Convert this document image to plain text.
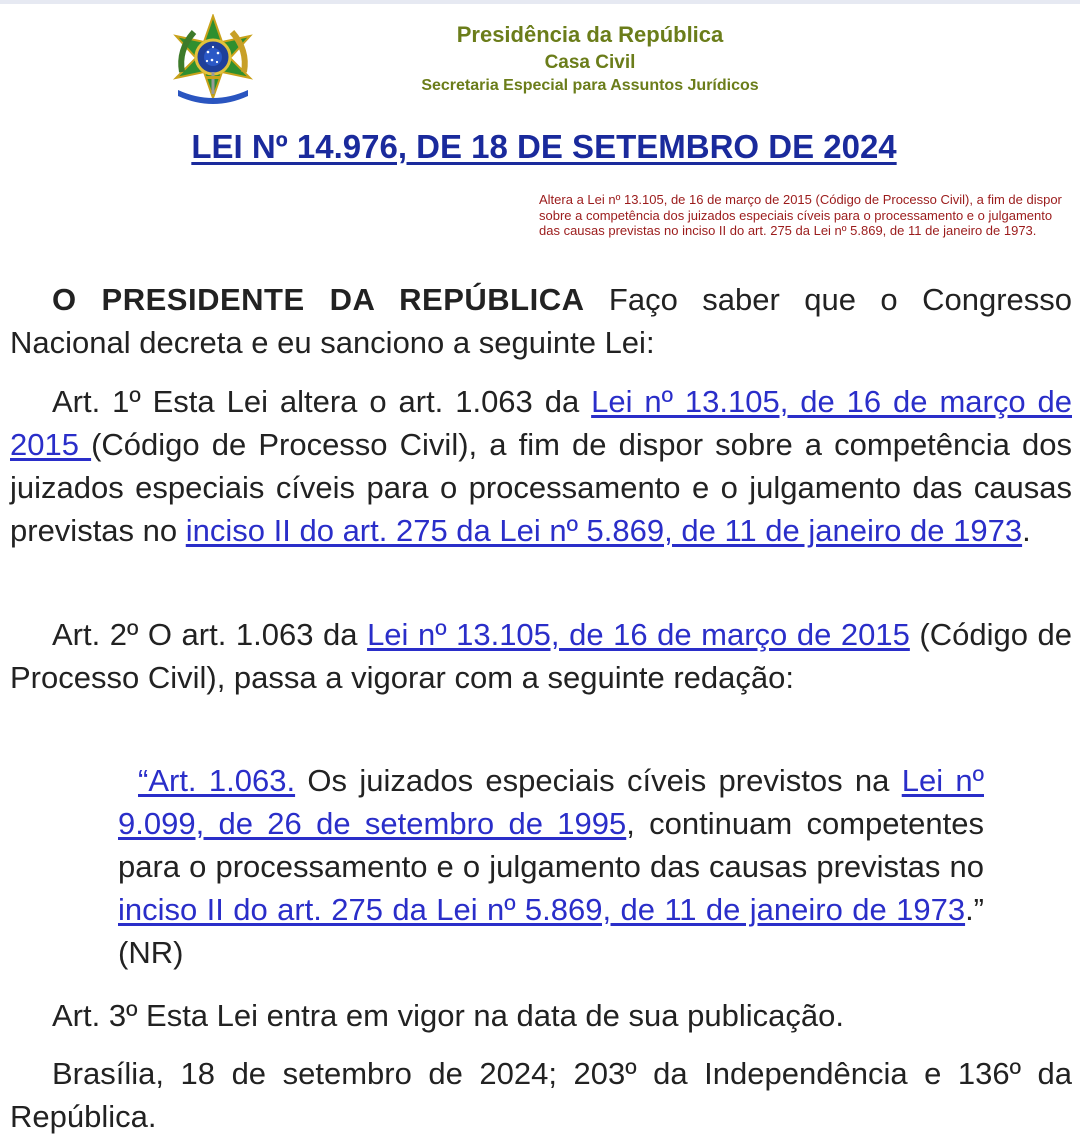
Presidência da República
Casa Civil
Secretaria Especial para Assuntos Jurídicos
LEI Nº 14.976, DE 18 DE SETEMBRO DE 2024
Altera a Lei nº 13.105, de 16 de março de 2015 (Código de Processo Civil), a fim de dispor sobre a competência dos juizados especiais cíveis para o processamento e o julgamento das causas previstas no inciso II do art. 275 da Lei nº 5.869, de 11 de janeiro de 1973.
O PRESIDENTE DA REPÚBLICA Faço saber que o Congresso Nacional decreta e eu sanciono a seguinte Lei:
Art. 1º Esta Lei altera o art. 1.063 da Lei nº 13.105, de 16 de março de 2015 (Código de Processo Civil), a fim de dispor sobre a competência dos juizados especiais cíveis para o processamento e o julgamento das causas previstas no inciso II do art. 275 da Lei nº 5.869, de 11 de janeiro de 1973.
Art. 2º O art. 1.063 da Lei nº 13.105, de 16 de março de 2015 (Código de Processo Civil), passa a vigorar com a seguinte redação:
“Art. 1.063. Os juizados especiais cíveis previstos na Lei nº 9.099, de 26 de setembro de 1995, continuam competentes para o processamento e o julgamento das causas previstas no inciso II do art. 275 da Lei nº 5.869, de 11 de janeiro de 1973.” (NR)
Art. 3º Esta Lei entra em vigor na data de sua publicação.
Brasília, 18 de setembro de 2024; 203º da Independência e 136º da República.
